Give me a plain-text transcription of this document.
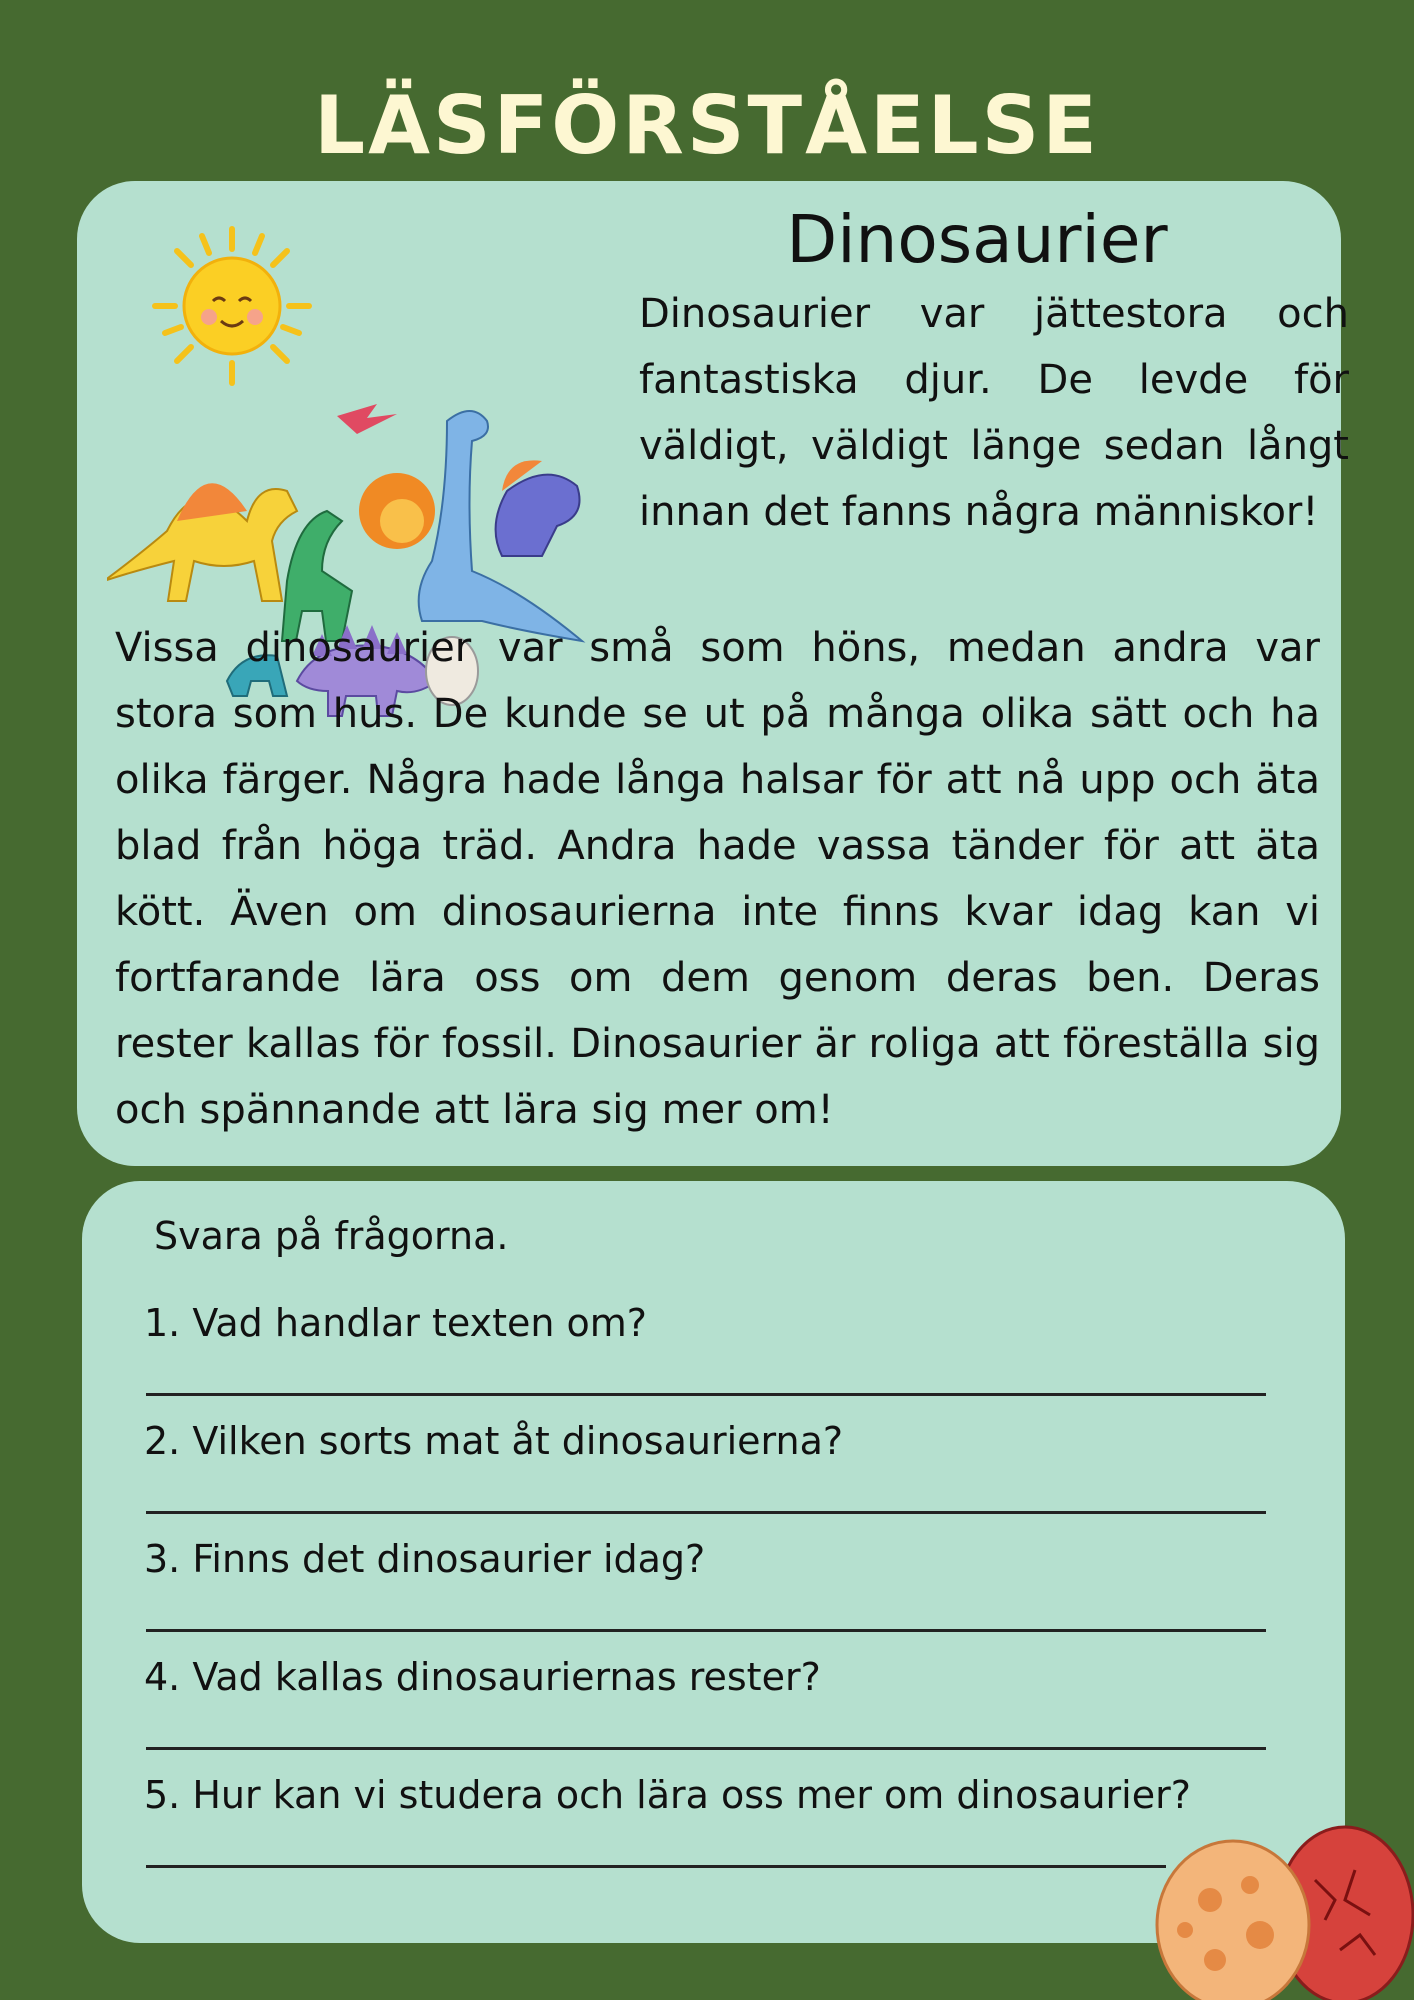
LÄSFÖRSTÅELSE
Dinosaurier

Dinosaurier var jättestora och fantastiska djur. De levde för väldigt, väldigt länge sedan långt innan det fanns några människor!

Vissa dinosaurier var små som höns, medan andra var stora som hus. De kunde se ut på många olika sätt och ha olika färger. Några hade långa halsar för att nå upp och äta blad från höga träd. Andra hade vassa tänder för att äta kött. Även om dinosaurierna inte finns kvar idag kan vi fortfarande lära oss om dem genom deras ben. Deras rester kallas för fossil. Dinosaurier är roliga att föreställa sig och spännande att lära sig mer om!

Svara på frågorna.
1. Vad handlar texten om?
2. Vilken sorts mat åt dinosaurierna?
3. Finns det dinosaurier idag?
4. Vad kallas dinosauriernas rester?
5. Hur kan vi studera och lära oss mer om dinosaurier?
